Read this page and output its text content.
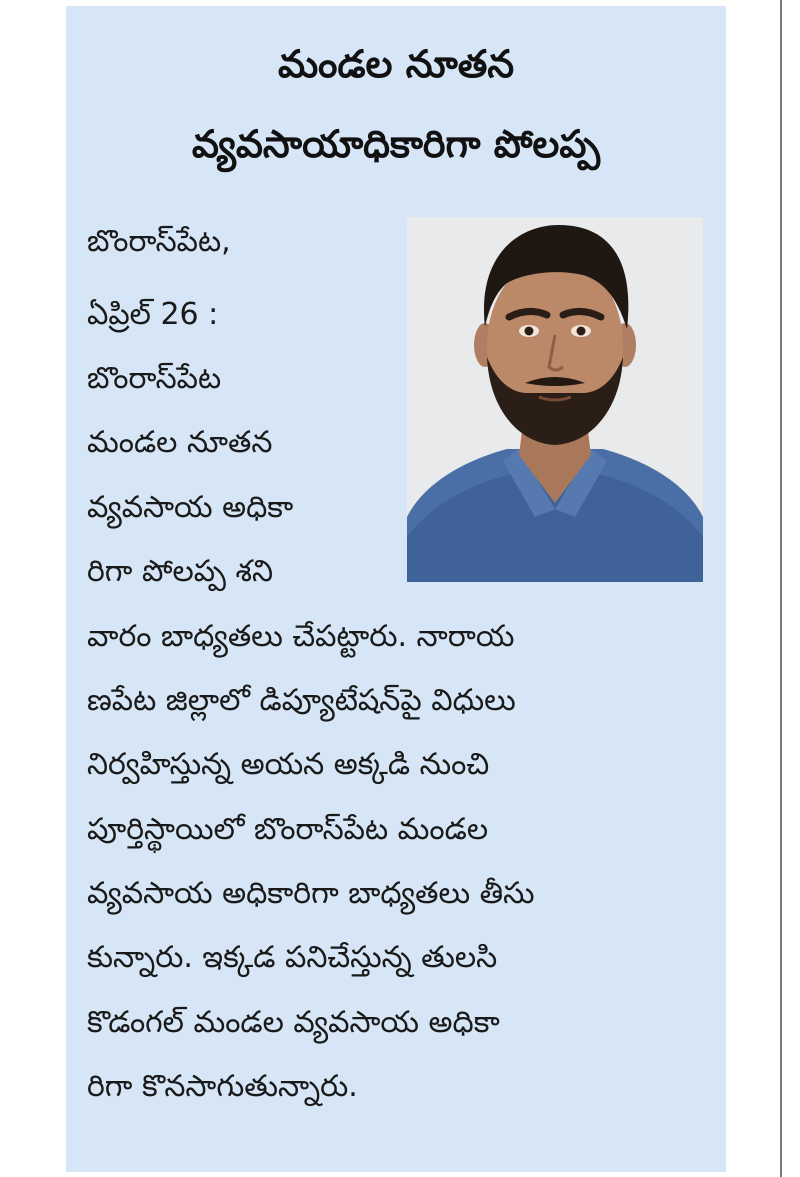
మండల నూతన
వ్యవసాయాధికారిగా పోలప్ప

బొంరాస్‌పేట,

ఏప్రిల్ 26 :

బొంరాస్‌పేట

మండల నూతన

వ్యవసాయ అధికా

రిగా పోలప్ప శని

వారం బాధ్యతలు చేపట్టారు. నారాయ

ణపేట జిల్లాలో డిప్యూటేషన్‌పై విధులు

నిర్వహిస్తున్న అయన అక్కడి నుంచి

పూర్తిస్థాయిలో బొంరాస్‌పేట మండల

వ్యవసాయ అధికారిగా బాధ్యతలు తీసు

కున్నారు. ఇక్కడ పనిచేస్తున్న తులసి

కొడంగల్ మండల వ్యవసాయ అధికా

రిగా కొనసాగుతున్నారు.
